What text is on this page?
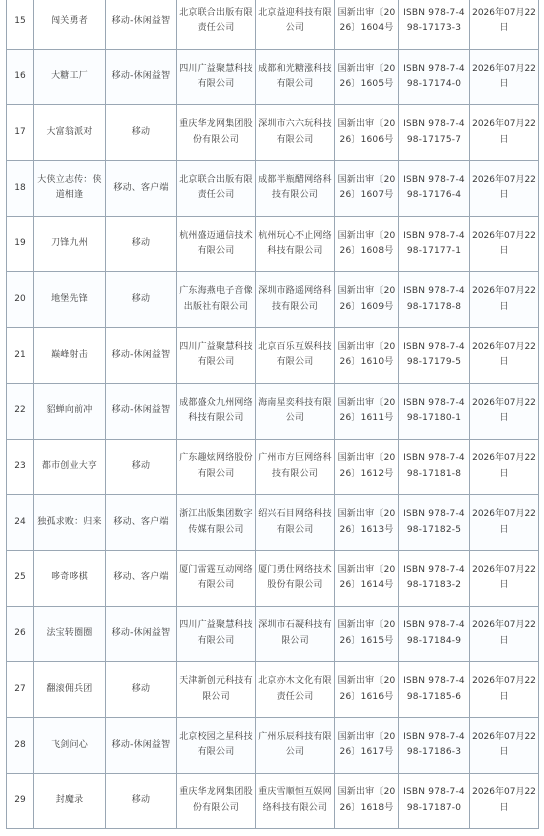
15	闯关勇者	移动-休闲益智	北京联合出版有限责任公司	北京益迎科技有限公司	国新出审〔2026〕1604号	ISBN 978-7-498-17173-3	2026年07月22日
16	大糖工厂	移动-休闲益智	四川广益聚慧科技有限公司	成都和光糖涨科技有限公司	国新出审〔2026〕1605号	ISBN 978-7-498-17174-0	2026年07月22日
17	大富翁派对	移动	重庆华龙网集团股份有限公司	深圳市六六玩科技有限公司	国新出审〔2026〕1606号	ISBN 978-7-498-17175-7	2026年07月22日
18	大侠立志传：侠道相逢	移动、客户端	北京联合出版有限责任公司	成都半瓶醋网络科技有限公司	国新出审〔2026〕1607号	ISBN 978-7-498-17176-4	2026年07月22日
19	刀锋九州	移动	杭州盛迈通信技术有限公司	杭州玩心不止网络科技有限公司	国新出审〔2026〕1608号	ISBN 978-7-498-17177-1	2026年07月22日
20	地堡先锋	移动	广东海燕电子音像出版社有限公司	深圳市路遥网络科技有限公司	国新出审〔2026〕1609号	ISBN 978-7-498-17178-8	2026年07月22日
21	巅峰射击	移动-休闲益智	四川广益聚慧科技有限公司	北京百乐互娱科技有限公司	国新出审〔2026〕1610号	ISBN 978-7-498-17179-5	2026年07月22日
22	貂蝉向前冲	移动-休闲益智	成都盛众九州网络科技有限公司	海南星奕科技有限公司	国新出审〔2026〕1611号	ISBN 978-7-498-17180-1	2026年07月22日
23	都市创业大亨	移动	广东趣炫网络股份有限公司	广州市方巨网络科技有限公司	国新出审〔2026〕1612号	ISBN 978-7-498-17181-8	2026年07月22日
24	独孤求败：归来	移动、客户端	浙江出版集团数字传媒有限公司	绍兴石目网络科技有限公司	国新出审〔2026〕1613号	ISBN 978-7-498-17182-5	2026年07月22日
25	哆奇哆棋	移动、客户端	厦门雷霆互动网络有限公司	厦门勇仕网络技术股份有限公司	国新出审〔2026〕1614号	ISBN 978-7-498-17183-2	2026年07月22日
26	法宝转圈圈	移动-休闲益智	四川广益聚慧科技有限公司	深圳市石凝科技有限公司	国新出审〔2026〕1615号	ISBN 978-7-498-17184-9	2026年07月22日
27	翻滚佣兵团	移动	天津新创元科技有限公司	北京亦木文化有限责任公司	国新出审〔2026〕1616号	ISBN 978-7-498-17185-6	2026年07月22日
28	飞剑问心	移动-休闲益智	北京校园之星科技有限公司	广州乐辰科技有限公司	国新出审〔2026〕1617号	ISBN 978-7-498-17186-3	2026年07月22日
29	封魔录	移动	重庆华龙网集团股份有限公司	重庆雪顺恒互娱网络科技有限公司	国新出审〔2026〕1618号	ISBN 978-7-498-17187-0	2026年07月22日
